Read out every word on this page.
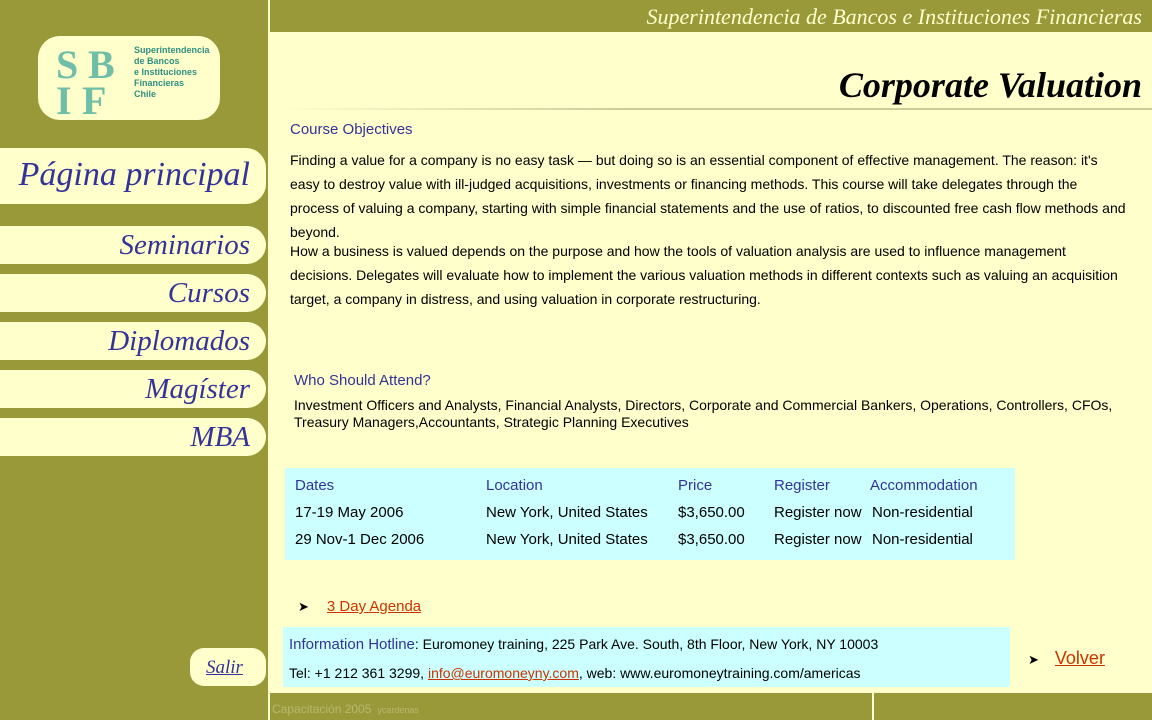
S B
I F
Superintendencia
de Bancos
e Instituciones
Financieras
Chile
Página principal
Seminarios
Cursos
Diplomados
Magíster
MBA
Salir
Superintendencia de Bancos e Instituciones Financieras
Corporate Valuation
Course Objectives

Finding a value for a company is no easy task — but doing so is an essential component of effective management. The reason: it's easy to destroy value with ill-judged acquisitions, investments or financing methods. This course will take delegates through the process of valuing a company, starting with simple financial statements and the use of ratios, to discounted free cash flow methods and beyond.

How a business is valued depends on the purpose and how the tools of valuation analysis are used to influence management decisions. Delegates will evaluate how to implement the various valuation methods in different contexts such as valuing an acquisition target, a company in distress, and using valuation in corporate restructuring.

Who Should Attend?

Investment Officers and Analysts, Financial Analysts, Directors, Corporate and Commercial Bankers, Operations, Controllers, CFOs, Treasury Managers,Accountants, Strategic Planning Executives

Dates	Location	Price	Register	Accommodation
17-19 May 2006	New York, United States $3,650.00 Register now Non-residential
29 Nov-1 Dec 2006	New York, United States $3,650.00 Register now Non-residential
➤ 3 Day Agenda
Information Hotline: Euromoney training, 225 Park Ave. South, 8th Floor, New York, NY 10003
Tel: +1 212 361 3299, info@euromoneyny.com, web: www.euromoneytraining.com/americas
➤ Volver
Capacitación 2005 ycardenas
